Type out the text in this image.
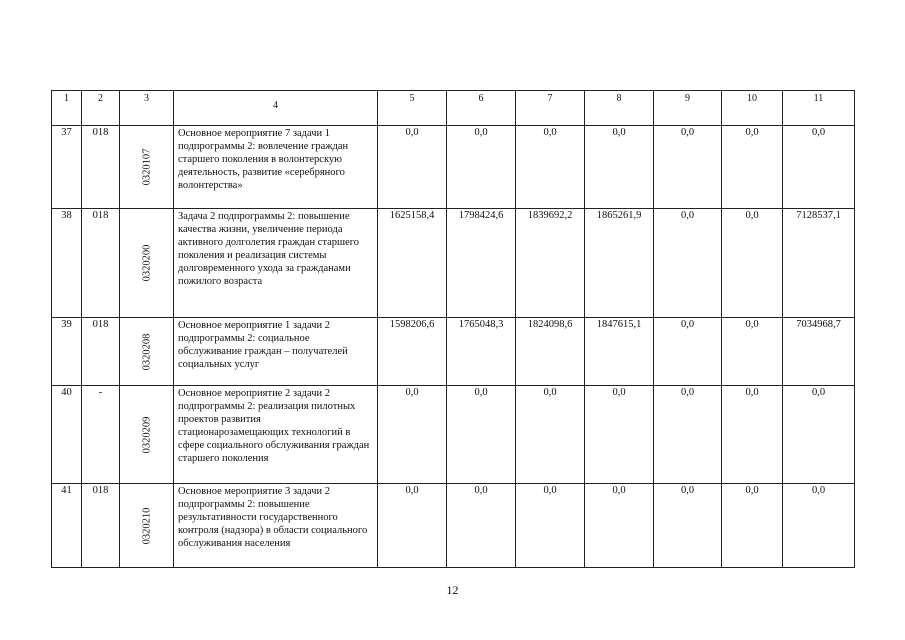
1	2	3	4	5	6	7	8	9	10	11
37	018	0320107	Основное мероприятие 7 задачи 1 подпрограммы 2: вовлечение граждан старшего поколения в волонтерскую деятельность, развитие «серебряного волонтерства»	0,0	0,0	0,0	0,0	0,0	0,0	0,0
38	018	0320200	Задача 2 подпрограммы 2: повышение качества жизни, увеличение периода активного долголетия граждан старшего поколения и реализация системы долговременного ухода за гражданами пожилого возраста	1625158,4	1798424,6	1839692,2	1865261,9	0,0	0,0	7128537,1
39	018	0320208	Основное мероприятие 1 задачи 2 подпрограммы 2: социальное обслуживание граждан – получателей социальных услуг	1598206,6	1765048,3	1824098,6	1847615,1	0,0	0,0	7034968,7
40	-	0320209	Основное мероприятие 2 задачи 2 подпрограммы 2: реализация пилотных проектов развития стационарозамещающих технологий в сфере социального обслуживания граждан старшего поколения	0,0	0,0	0,0	0,0	0,0	0,0	0,0
41	018	0320210	Основное мероприятие 3 задачи 2 подпрограммы 2: повышение результативности государственного контроля (надзора) в области социального обслуживания населения	0,0	0,0	0,0	0,0	0,0	0,0	0,0
12
